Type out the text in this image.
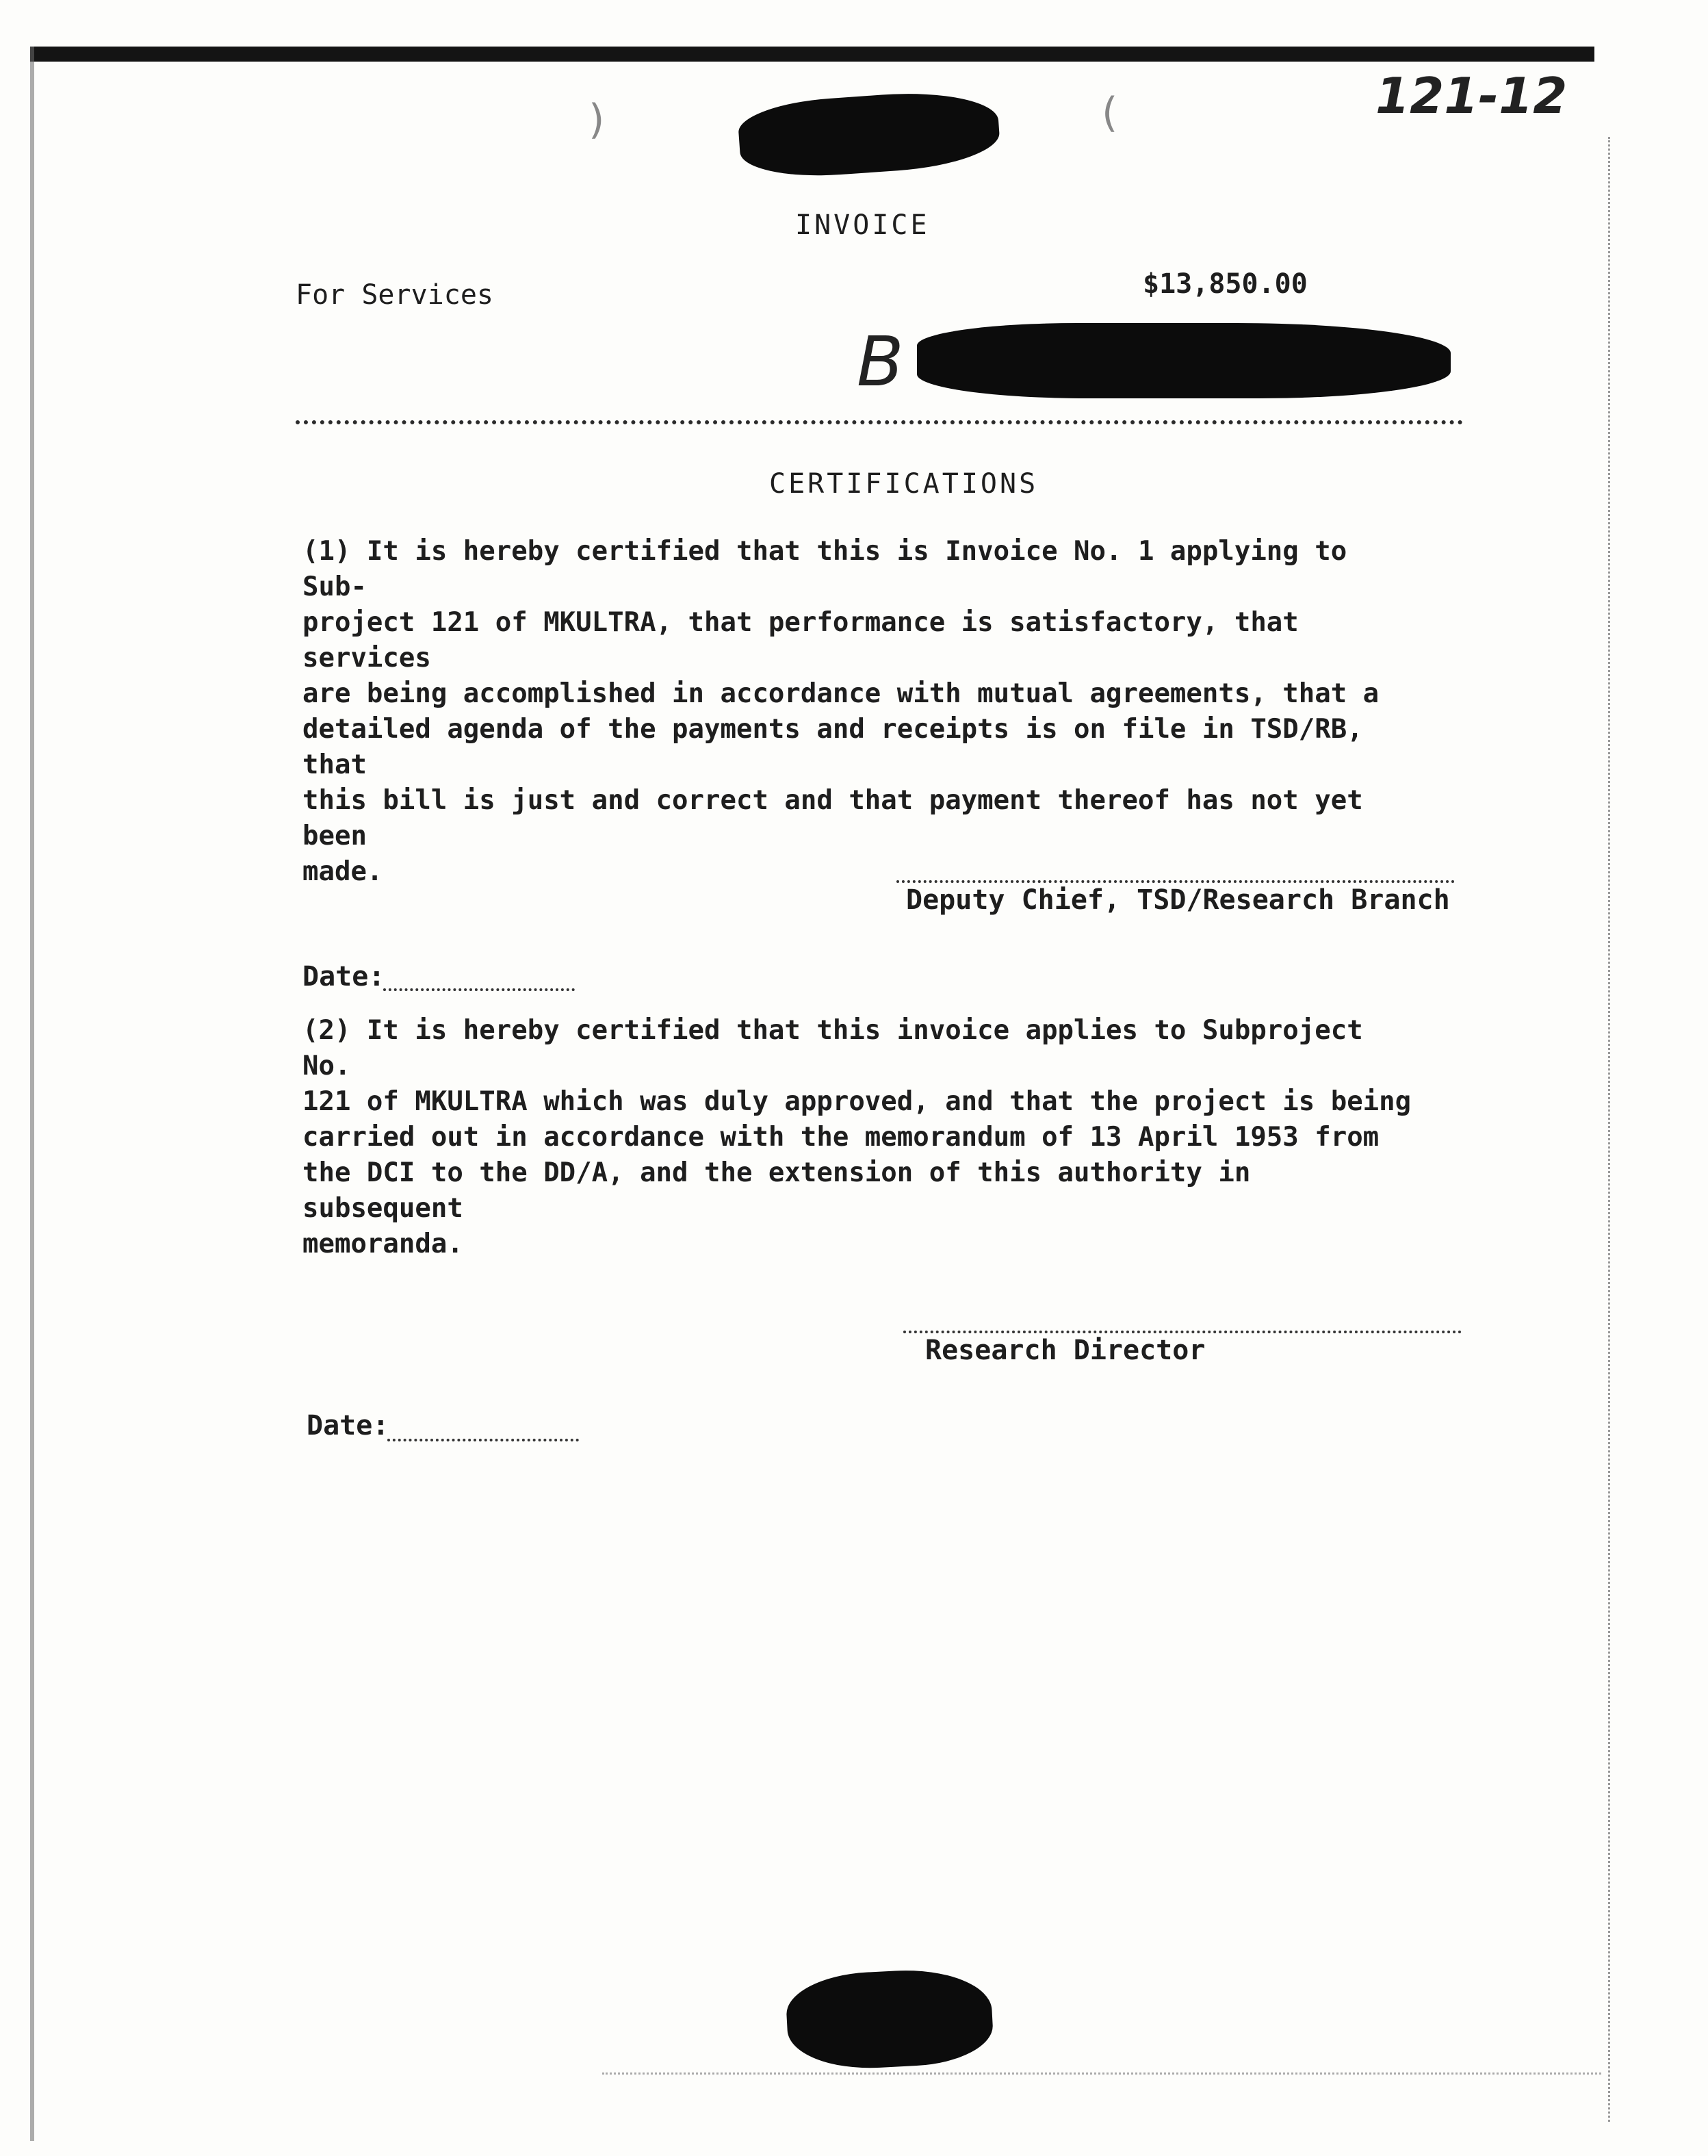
121-12
(
)
INVOICE
For Services	$13,850.00
B
CERTIFICATIONS
(1) It is hereby certified that this is Invoice No. 1 applying to Sub-
project 121 of MKULTRA, that performance is satisfactory, that services
are being accomplished in accordance with mutual agreements, that a
detailed agenda of the payments and receipts is on file in TSD/RB, that
this bill is just and correct and that payment thereof has not yet been
made.
Deputy Chief, TSD/Research Branch
Date:
(2) It is hereby certified that this invoice applies to Subproject No.
121 of MKULTRA which was duly approved, and that the project is being
carried out in accordance with the memorandum of 13 April 1953 from
the DCI to the DD/A, and the extension of this authority in subsequent
memoranda.
Research Director
Date:
